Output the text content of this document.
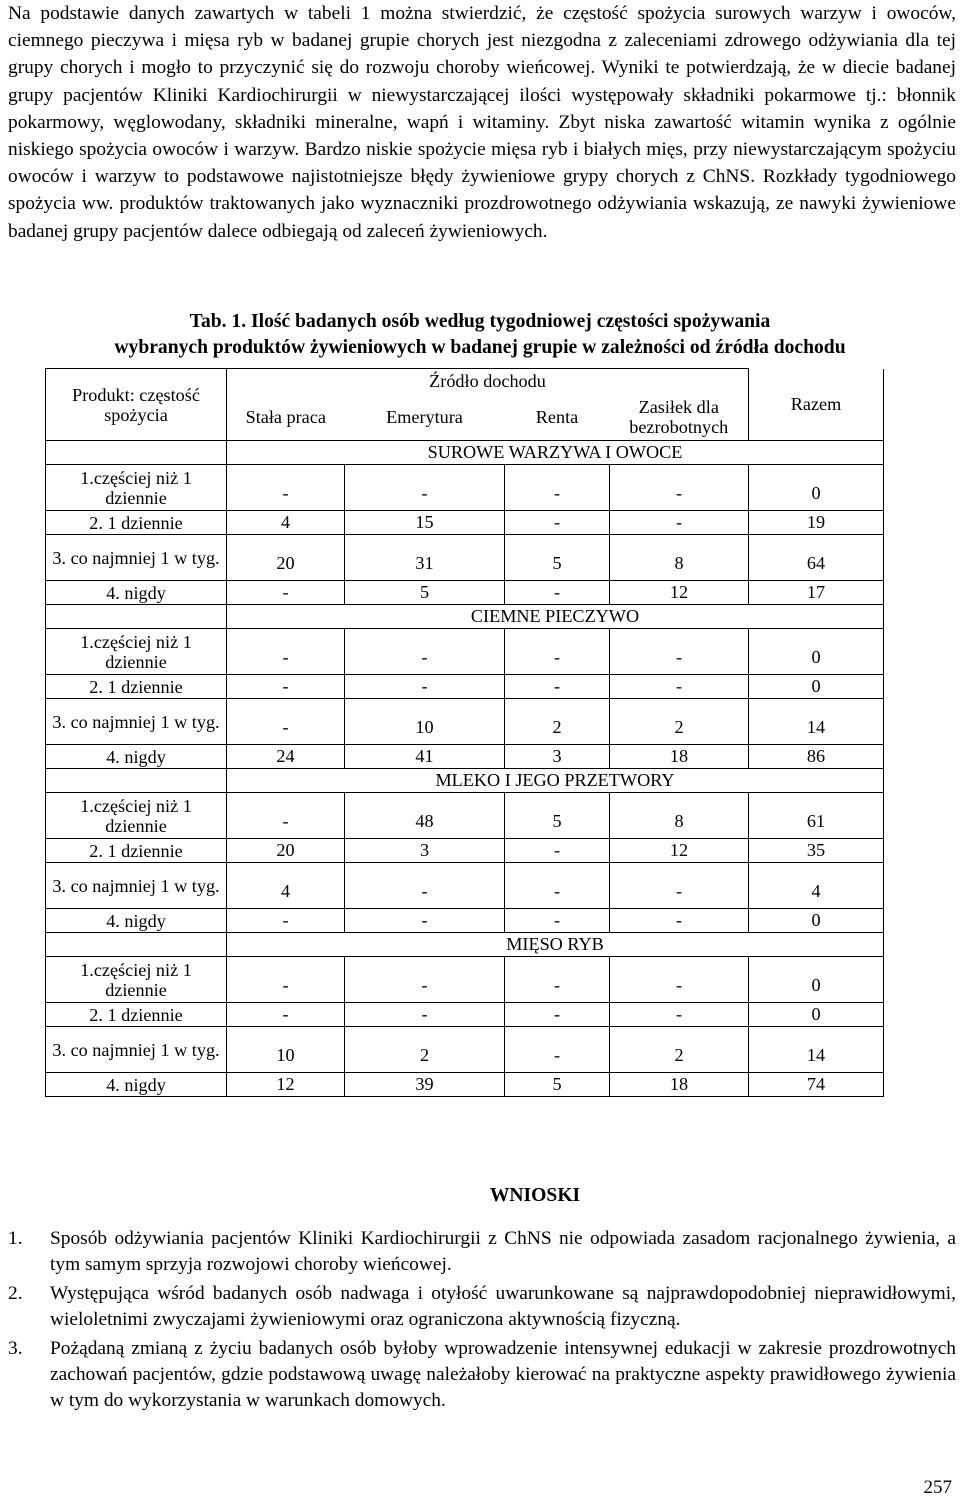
Na podstawie danych zawartych w tabeli 1 można stwierdzić, że częstość spożycia surowych warzyw i owoców, ciemnego pieczywa i mięsa ryb w badanej grupie chorych jest niezgodna z zaleceniami zdrowego odżywiania dla tej grupy chorych i mogło to przyczynić się do rozwoju choroby wieńcowej. Wyniki te potwierdzają, że w diecie badanej grupy pacjentów Kliniki Kardiochirurgii w niewystarczającej ilości występowały składniki pokarmowe tj.: błonnik pokarmowy, węglowodany, składniki mineralne, wapń i witaminy. Zbyt niska zawartość witamin wynika z ogólnie niskiego spożycia owoców i warzyw. Bardzo niskie spożycie mięsa ryb i białych mięs, przy niewystarczającym spożyciu owoców i warzyw to podstawowe najistotniejsze błędy żywieniowe grypy chorych z ChNS. Rozkłady tygodniowego spożycia ww. produktów traktowanych jako wyznaczniki prozdrowotnego odżywiania wskazują, ze nawyki żywieniowe badanej grupy pacjentów dalece odbiegają od zaleceń żywieniowych.

Tab. 1. Ilość badanych osób według tygodniowej częstości spożywania
wybranych produktów żywieniowych w badanej grupie w zależności od źródła dochodu
Produkt: częstość spożycia	Źródło dochodu				Razem
	Stała praca	Emerytura	Renta	Zasiłek dla bezrobotnych	
	SUROWE WARZYWA I OWOCE				
1.częściej niż 1 dziennie	-	-	-	-	0
2. 1 dziennie	4	15	-	-	19
3. co najmniej 1 w tyg.	20	31	5	8	64
4. nigdy	-	5	-	12	17
	CIEMNE PIECZYWO				
1.częściej niż 1 dziennie	-	-	-	-	0
2. 1 dziennie	-	-	-	-	0
3. co najmniej 1 w tyg.	-	10	2	2	14
4. nigdy	24	41	3	18	86
	MLEKO I JEGO PRZETWORY				
1.częściej niż 1 dziennie	-	48	5	8	61
2. 1 dziennie	20	3	-	12	35
3. co najmniej 1 w tyg.	4	-	-	-	4
4. nigdy	-	-	-	-	0
	MIĘSO RYB				
1.częściej niż 1 dziennie	-	-	-	-	0
2. 1 dziennie	-	-	-	-	0
3. co najmniej 1 w tyg.	10	2	-	2	14
4. nigdy	12	39	5	18	74
WNIOSKI
1. Sposób odżywiania pacjentów Kliniki Kardiochirurgii z ChNS nie odpowiada zasadom racjonalnego żywienia, a tym samym sprzyja rozwojowi choroby wieńcowej.
2. Występująca wśród badanych osób nadwaga i otyłość uwarunkowane są najprawdopodobniej nieprawidłowymi, wieloletnimi zwyczajami żywieniowymi oraz ograniczona aktywnością fizyczną.
3. Pożądaną zmianą z życiu badanych osób byłoby wprowadzenie intensywnej edukacji w zakresie prozdrowotnych zachowań pacjentów, gdzie podstawową uwagę należałoby kierować na praktyczne aspekty prawidłowego żywienia w tym do wykorzystania w warunkach domowych.
257
